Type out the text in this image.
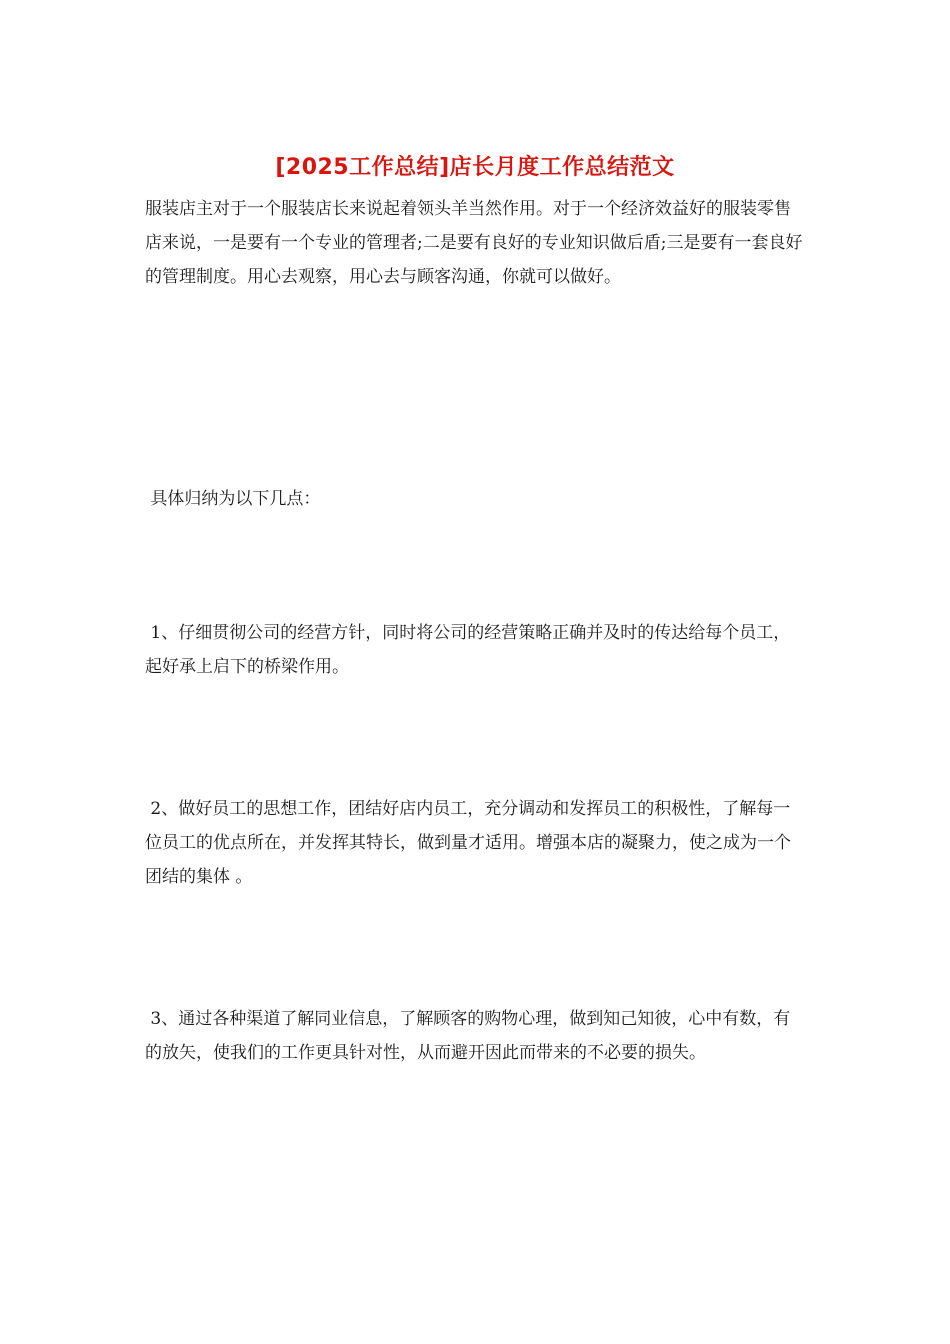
[2025工作总结]店长月度工作总结范文

服装店主对于一个服装店长来说起着领头羊当然作用。对于一个经济效益好的服装零售店来说，一是要有一个专业的管理者;二是要有良好的专业知识做后盾;三是要有一套良好的管理制度。用心去观察，用心去与顾客沟通，你就可以做好。

具体归纳为以下几点：

1、仔细贯彻公司的经营方针，同时将公司的经营策略正确并及时的传达给每个员工，起好承上启下的桥梁作用。

2、做好员工的思想工作，团结好店内员工，充分调动和发挥员工的积极性，了解每一位员工的优点所在，并发挥其特长，做到量才适用。增强本店的凝聚力，使之成为一个团结的集体 。

3、通过各种渠道了解同业信息，了解顾客的购物心理，做到知己知彼，心中有数，有的放矢，使我们的工作更具针对性，从而避开因此而带来的不必要的损失。
